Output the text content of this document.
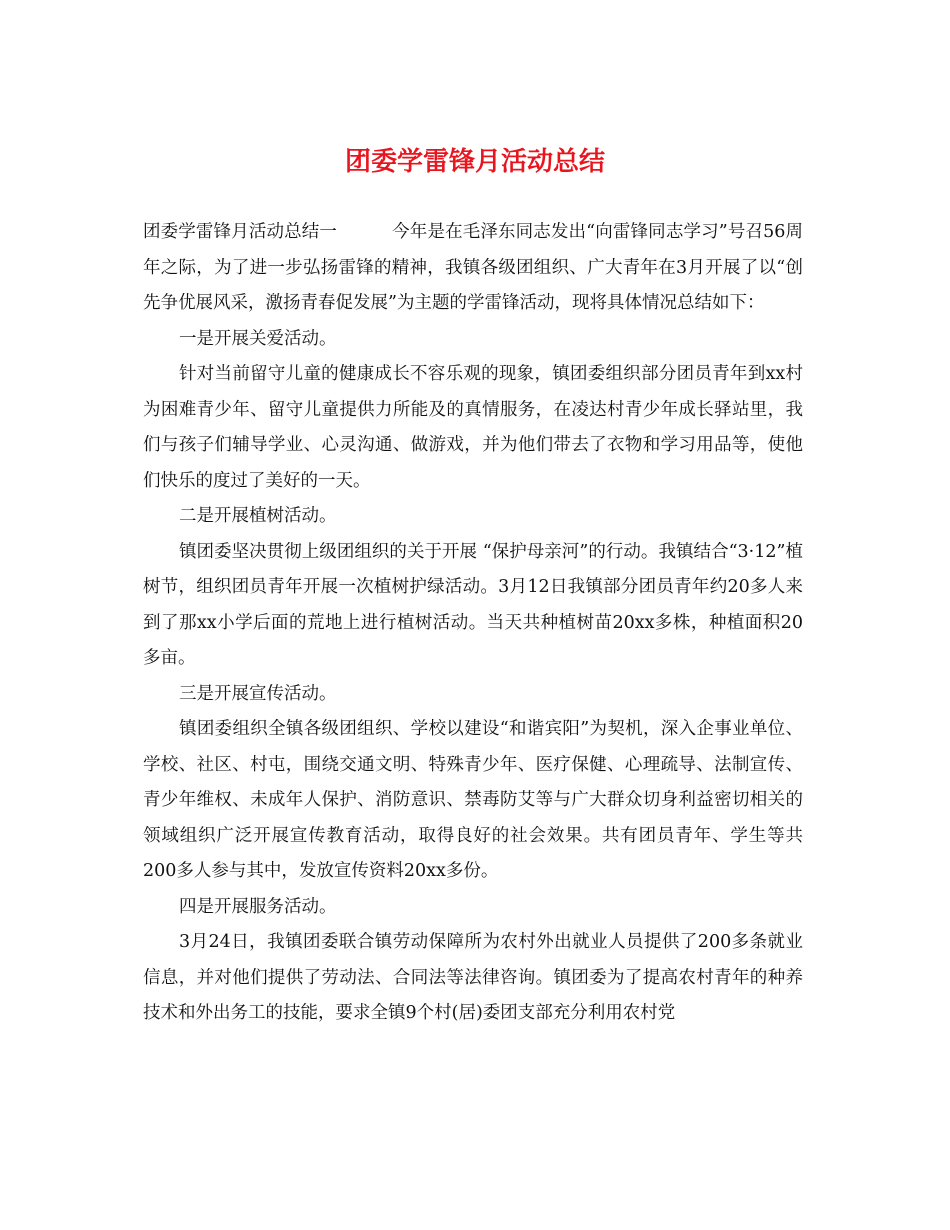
团委学雷锋月活动总结

团委学雷锋月活动总结一	今年是在毛泽东同志发出“向雷锋同志学习”号召56周年之际，为了进一步弘扬雷锋的精神，我镇各级团组织、广大青年在3月开展了以“创先争优展风采，激扬青春促发展”为主题的学雷锋活动，现将具体情况总结如下：

一是开展关爱活动。

针对当前留守儿童的健康成长不容乐观的现象，镇团委组织部分团员青年到xx村为困难青少年、留守儿童提供力所能及的真情服务，在凌达村青少年成长驿站里，我们与孩子们辅导学业、心灵沟通、做游戏，并为他们带去了衣物和学习用品等，使他们快乐的度过了美好的一天。

二是开展植树活动。

镇团委坚决贯彻上级团组织的关于开展 “保护母亲河”的行动。我镇结合“3·12”植树节，组织团员青年开展一次植树护绿活动。3月12日我镇部分团员青年约20多人来到了那xx小学后面的荒地上进行植树活动。当天共种植树苗20xx多株，种植面积20多亩。

三是开展宣传活动。

镇团委组织全镇各级团组织、学校以建设“和谐宾阳”为契机，深入企事业单位、学校、社区、村屯，围绕交通文明、特殊青少年、医疗保健、心理疏导、法制宣传、青少年维权、未成年人保护、消防意识、禁毒防艾等与广大群众切身利益密切相关的领域组织广泛开展宣传教育活动，取得良好的社会效果。共有团员青年、学生等共200多人参与其中，发放宣传资料20xx多份。

四是开展服务活动。

3月24日，我镇团委联合镇劳动保障所为农村外出就业人员提供了200多条就业信息，并对他们提供了劳动法、合同法等法律咨询。镇团委为了提高农村青年的种养技术和外出务工的技能，要求全镇9个村(居)委团支部充分利用农村党
